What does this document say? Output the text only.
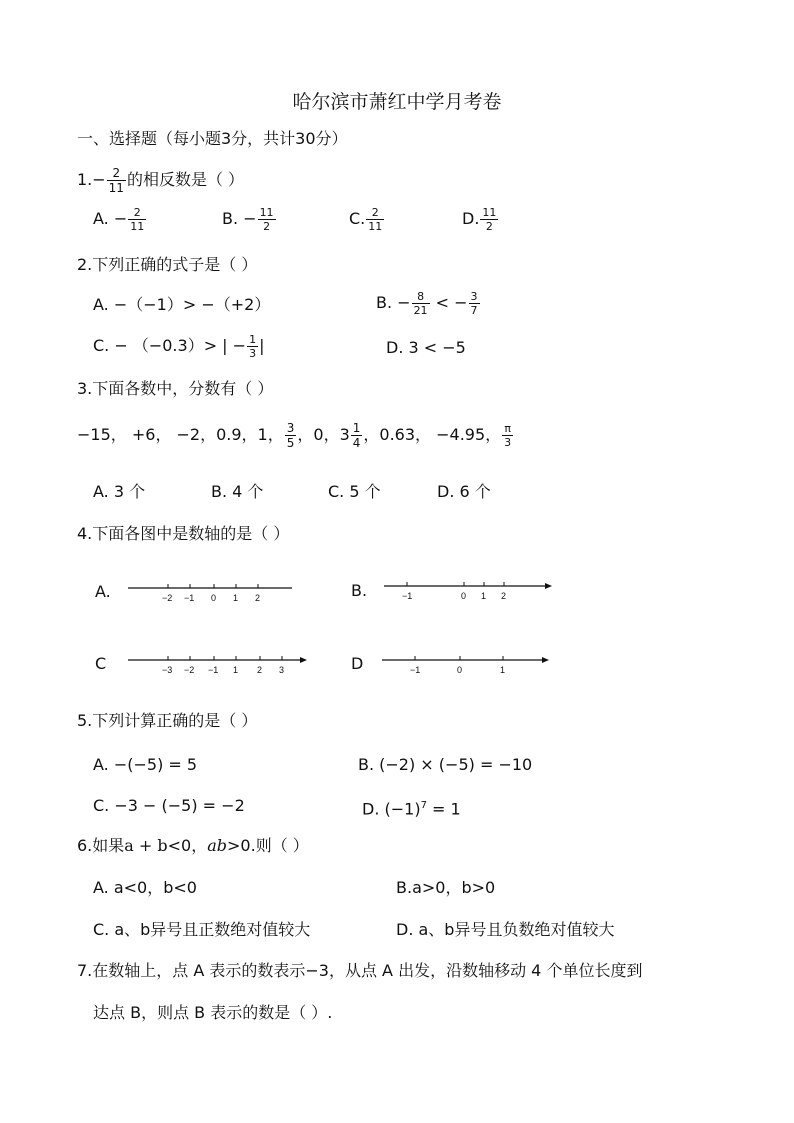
哈尔滨市萧红中学月考卷
一、选择题（每小题3分，共计30分）
$1.- \frac{2}{11}$ 的相反数是（ ）
A. − $\frac{2}{11}$	B. − $\frac{11}{2}$	C. $\frac{2}{11}$	D. $\frac{11}{2}$
2.下列正确的式子是（ ）
A. −（−1）> −（+2）	B. − $\frac{8}{21}$ < − $\frac{3}{7}$
C. − （−0.3）> | − $\frac{1}{3}$ |	D. 3 < −5
3.下面各数中，分数有（ ）
−15， +6， −2，0.9，1， $\frac{3}{5}$ ，0，$3 \frac{1}{4}$ ，0.63， −4.95， $\frac{\pi}{3}$
A. 3 个	B. 4 个	C. 5 个	D. 6 个
4.下面各图中是数轴的是（ ）
A.	−2 −1 0 1 2	B.	−1	0 1 2
C	−3 −2 −1 1 2 3	D	−1	0	1
5.下列计算正确的是（ ）
A. −(−5) = 5	B. (−2) × (−5) = −10
C. −3 − (−5) = −2	D. $(-1)^7 = 1$
6.如果a + b<0，ab>0.则（ ）
A. a<0，b<0	B.a>0，b>0
C. a、b异号且正数绝对值较大	D. a、b异号且负数绝对值较大
7.在数轴上，点 A 表示的数表示−3，从点 A 出发，沿数轴移动 4 个单位长度到
达点 B，则点 B 表示的数是（ ）.
